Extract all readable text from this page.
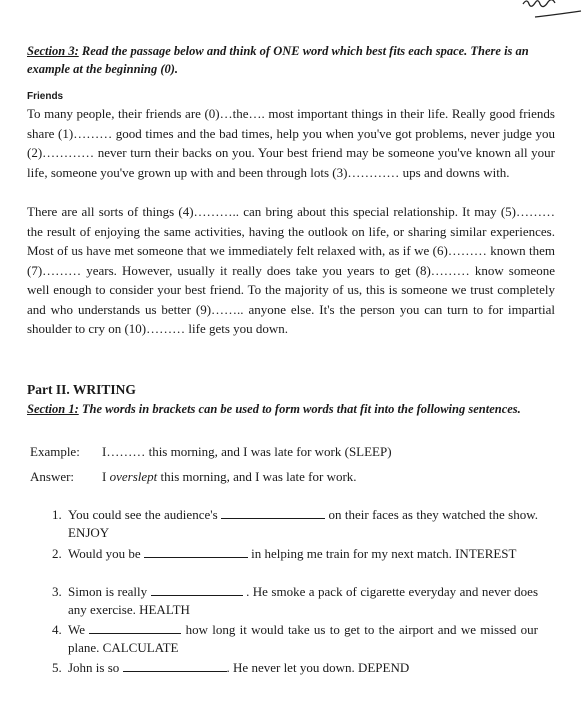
Section 3: Read the passage below and think of ONE word which best fits each space. There is an example at the beginning (0).
Friends
To many people, their friends are (0)…the…. most important things in their life. Really good friends share (1)……… good times and the bad times, help you when you've got problems, never judge you (2)………… never turn their backs on you. Your best friend may be someone you've known all your life, someone you've grown up with and been through lots (3)………… ups and downs with.
There are all sorts of things (4)……….. can bring about this special relationship. It may (5)……… the result of enjoying the same activities, having the outlook on life, or sharing similar experiences. Most of us have met someone that we immediately felt relaxed with, as if we (6)……… known them (7)……… years. However, usually it really does take you years to get (8)……… know someone well enough to consider your best friend. To the majority of us, this is someone we trust completely and who understands us better (9)…….. anyone else. It's the person you can turn to for impartial shoulder to cry on (10)……… life gets you down.
Part II. WRITING
Section 1: The words in brackets can be used to form words that fit into the following sentences.
Example: I……… this morning, and I was late for work (SLEEP)
Answer: I overslept this morning, and I was late for work.
1. You could see the audience's	on their faces as they watched the show. ENJOY
2. Would you be	in helping me train for my next match. INTEREST
3. Simon is really	. He smoke a pack of cigarette everyday and never does any exercise. HEALTH
4. We	how long it would take us to get to the airport and we missed our plane. CALCULATE
5. John is so	. He never let you down. DEPEND
